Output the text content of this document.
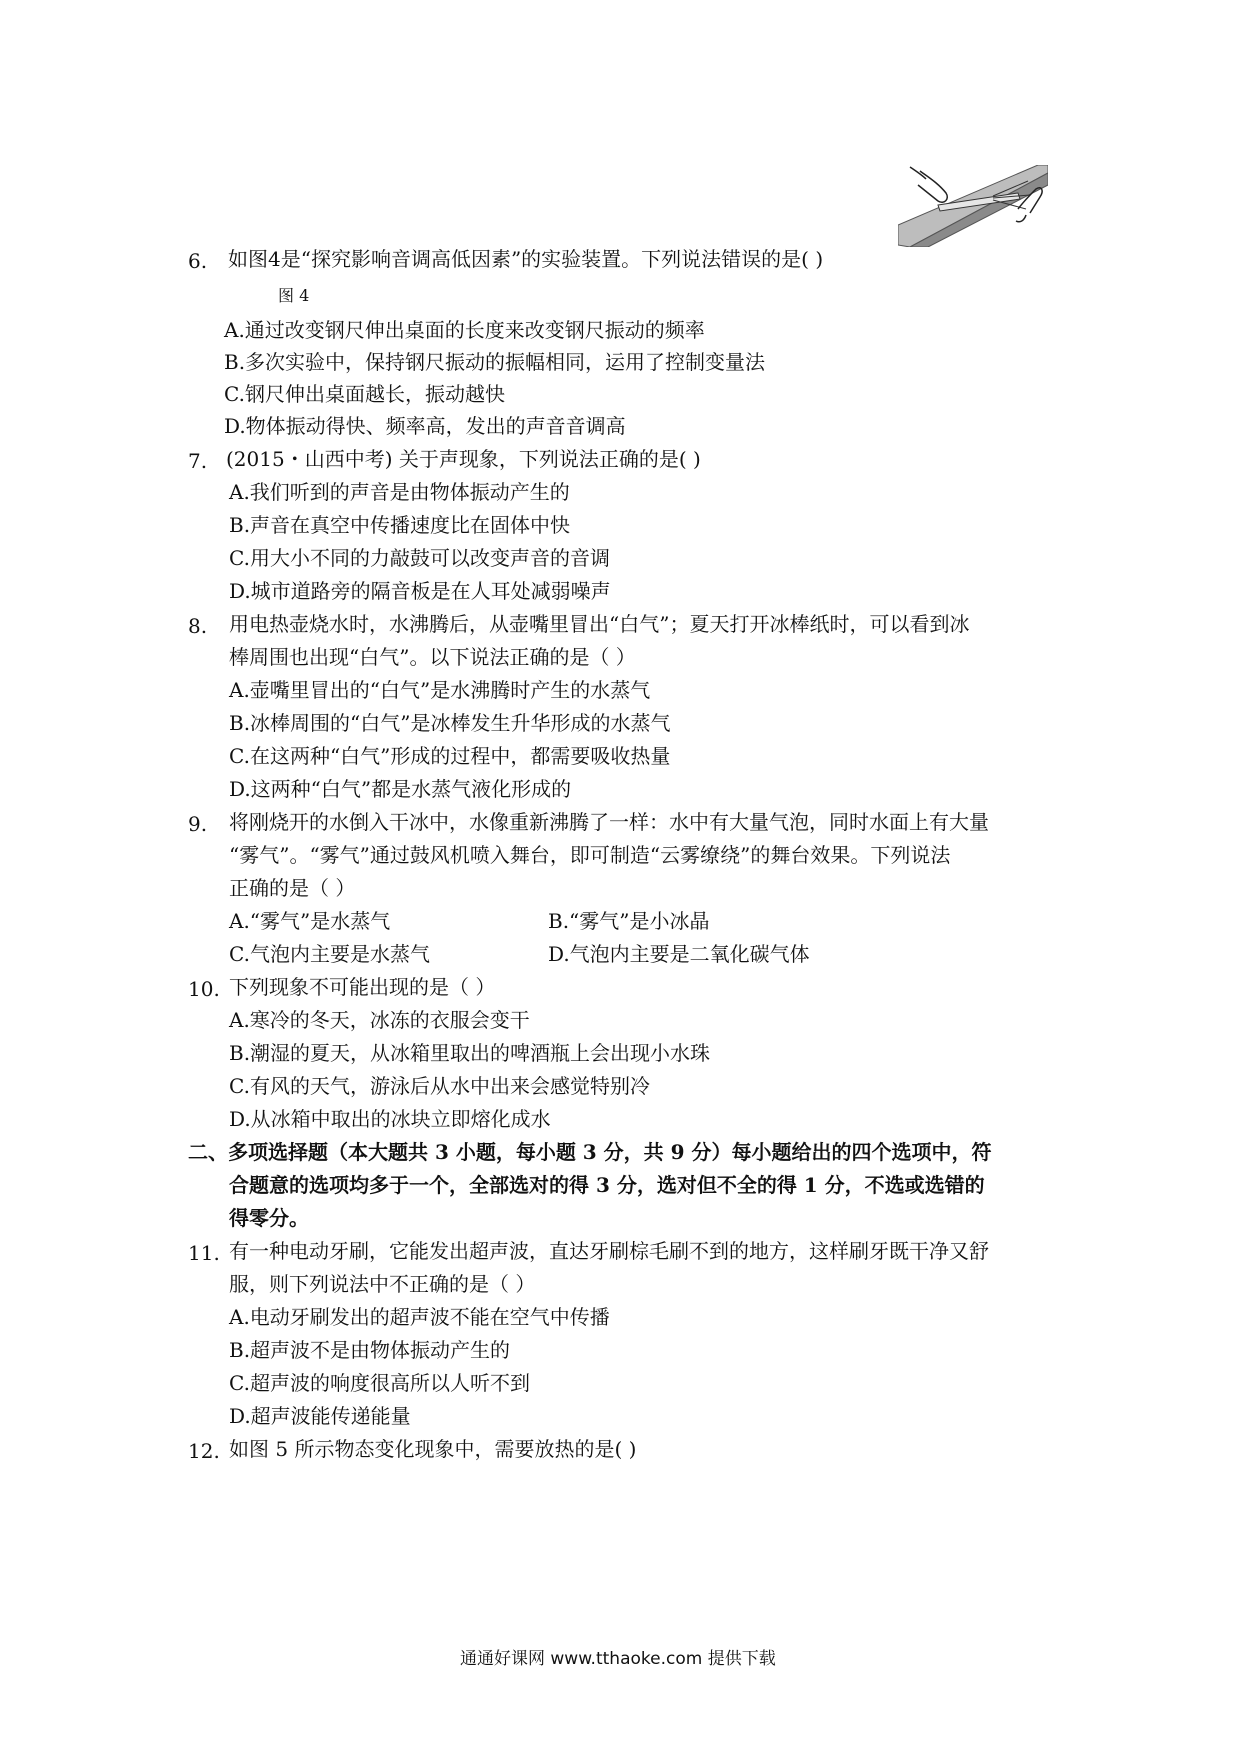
6. 如图4是“探究影响音调高低因素”的实验装置。下列说法错误的是( )
图 4
A.通过改变钢尺伸出桌面的长度来改变钢尺振动的频率
B.多次实验中，保持钢尺振动的振幅相同，运用了控制变量法
C.钢尺伸出桌面越长，振动越快
D.物体振动得快、频率高，发出的声音音调高
7. (2015・山西中考) 关于声现象，下列说法正确的是( )
A.我们听到的声音是由物体振动产生的
B.声音在真空中传播速度比在固体中快
C.用大小不同的力敲鼓可以改变声音的音调
D.城市道路旁的隔音板是在人耳处减弱噪声
8. 用电热壶烧水时，水沸腾后，从壶嘴里冒出“白气”；夏天打开冰棒纸时，可以看到冰
棒周围也出现“白气”。以下说法正确的是（ ）
A.壶嘴里冒出的“白气”是水沸腾时产生的水蒸气
B.冰棒周围的“白气”是冰棒发生升华形成的水蒸气
C.在这两种“白气”形成的过程中，都需要吸收热量
D.这两种“白气”都是水蒸气液化形成的
9. 将刚烧开的水倒入干冰中，水像重新沸腾了一样：水中有大量气泡，同时水面上有大量
“雾气”。“雾气”通过鼓风机喷入舞台，即可制造“云雾缭绕”的舞台效果。下列说法
正确的是（ ）
A.“雾气”是水蒸气	B.“雾气”是小冰晶
C.气泡内主要是水蒸气	D.气泡内主要是二氧化碳气体
10. 下列现象不可能出现的是（ ）
A.寒冷的冬天，冰冻的衣服会变干
B.潮湿的夏天，从冰箱里取出的啤酒瓶上会出现小水珠
C.有风的天气，游泳后从水中出来会感觉特别冷
D.从冰箱中取出的冰块立即熔化成水
二、多项选择题（本大题共 3 小题，每小题 3 分，共 9 分）每小题给出的四个选项中，符
合题意的选项均多于一个，全部选对的得 3 分，选对但不全的得 1 分，不选或选错的
得零分。
11. 有一种电动牙刷，它能发出超声波，直达牙刷棕毛刷不到的地方，这样刷牙既干净又舒
服，则下列说法中不正确的是（ ）
A.电动牙刷发出的超声波不能在空气中传播
B.超声波不是由物体振动产生的
C.超声波的响度很高所以人听不到
D.超声波能传递能量
12. 如图 5 所示物态变化现象中，需要放热的是( )
通通好课网 www.tthaoke.com 提供下载
